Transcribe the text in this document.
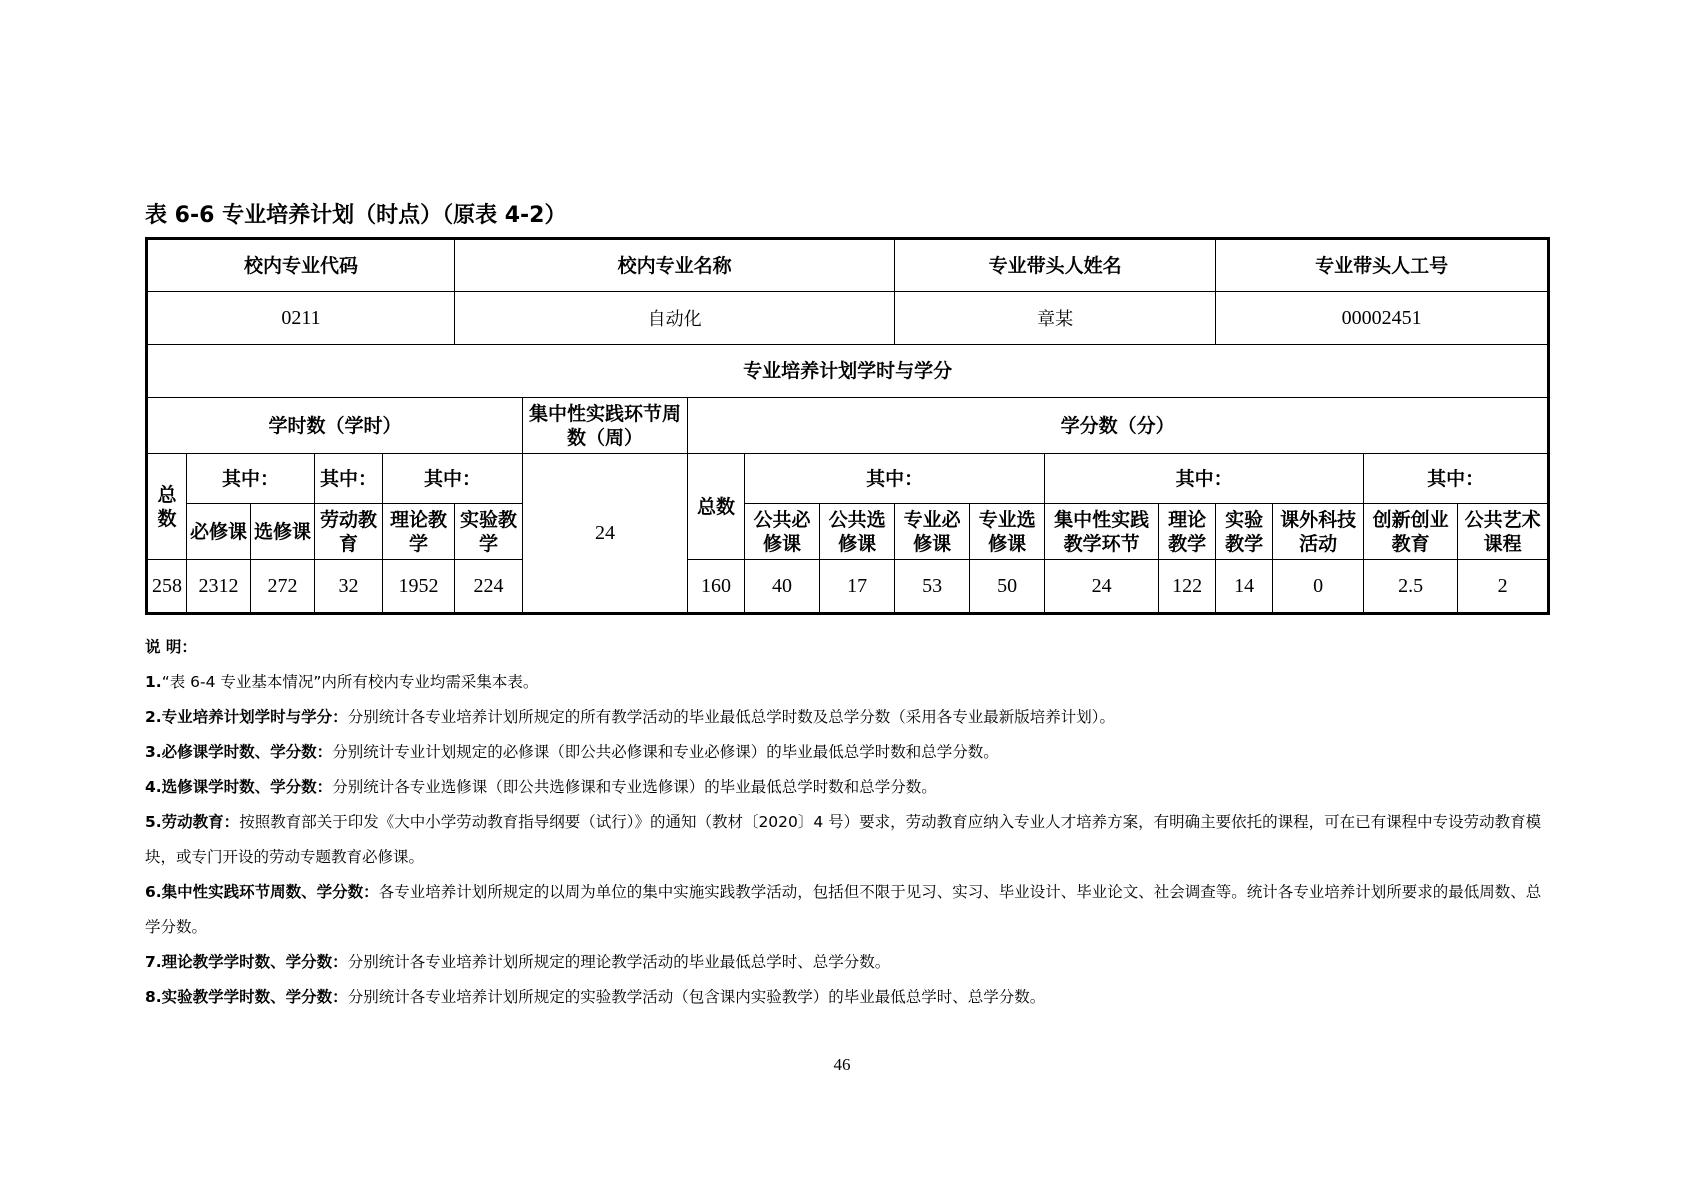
表 6-6 专业培养计划（时点）（原表 4-2）
校内专业代码					校内专业名称					专业带头人姓名				专业带头人工号			
0211					自动化					章某				00002451			
专业培养计划学时与学分																	
学时数（学时）						集中性实践环节周数（周）	学分数（分）										
总数	其中：		其中：	其中：		24	总数	其中：				其中：				其中：	
	必修课	选修课	劳动教育	理论教学	实验教学			公共必修课	公共选修课	专业必修课	专业选修课	集中性实践教学环节	理论教学	实验教学	课外科技活动	创新创业教育	公共艺术课程
258	2312	272	32	1952	224		160	40	17	53	50	24	122	14	0	2.5	2

说 明：

1.“表 6-4 专业基本情况”内所有校内专业均需采集本表。

2.专业培养计划学时与学分：分别统计各专业培养计划所规定的所有教学活动的毕业最低总学时数及总学分数（采用各专业最新版培养计划）。

3.必修课学时数、学分数：分别统计专业计划规定的必修课（即公共必修课和专业必修课）的毕业最低总学时数和总学分数。

4.选修课学时数、学分数：分别统计各专业选修课（即公共选修课和专业选修课）的毕业最低总学时数和总学分数。

5.劳动教育：按照教育部关于印发《大中小学劳动教育指导纲要（试行）》的通知（教材〔2020〕4 号）要求，劳动教育应纳入专业人才培养方案，有明确主要依托的课程，可在已有课程中专设劳动教育模块，或专门开设的劳动专题教育必修课。

6.集中性实践环节周数、学分数：各专业培养计划所规定的以周为单位的集中实施实践教学活动，包括但不限于见习、实习、毕业设计、毕业论文、社会调查等。统计各专业培养计划所要求的最低周数、总学分数。

7.理论教学学时数、学分数：分别统计各专业培养计划所规定的理论教学活动的毕业最低总学时、总学分数。

8.实验教学学时数、学分数：分别统计各专业培养计划所规定的实验教学活动（包含课内实验教学）的毕业最低总学时、总学分数。

46
